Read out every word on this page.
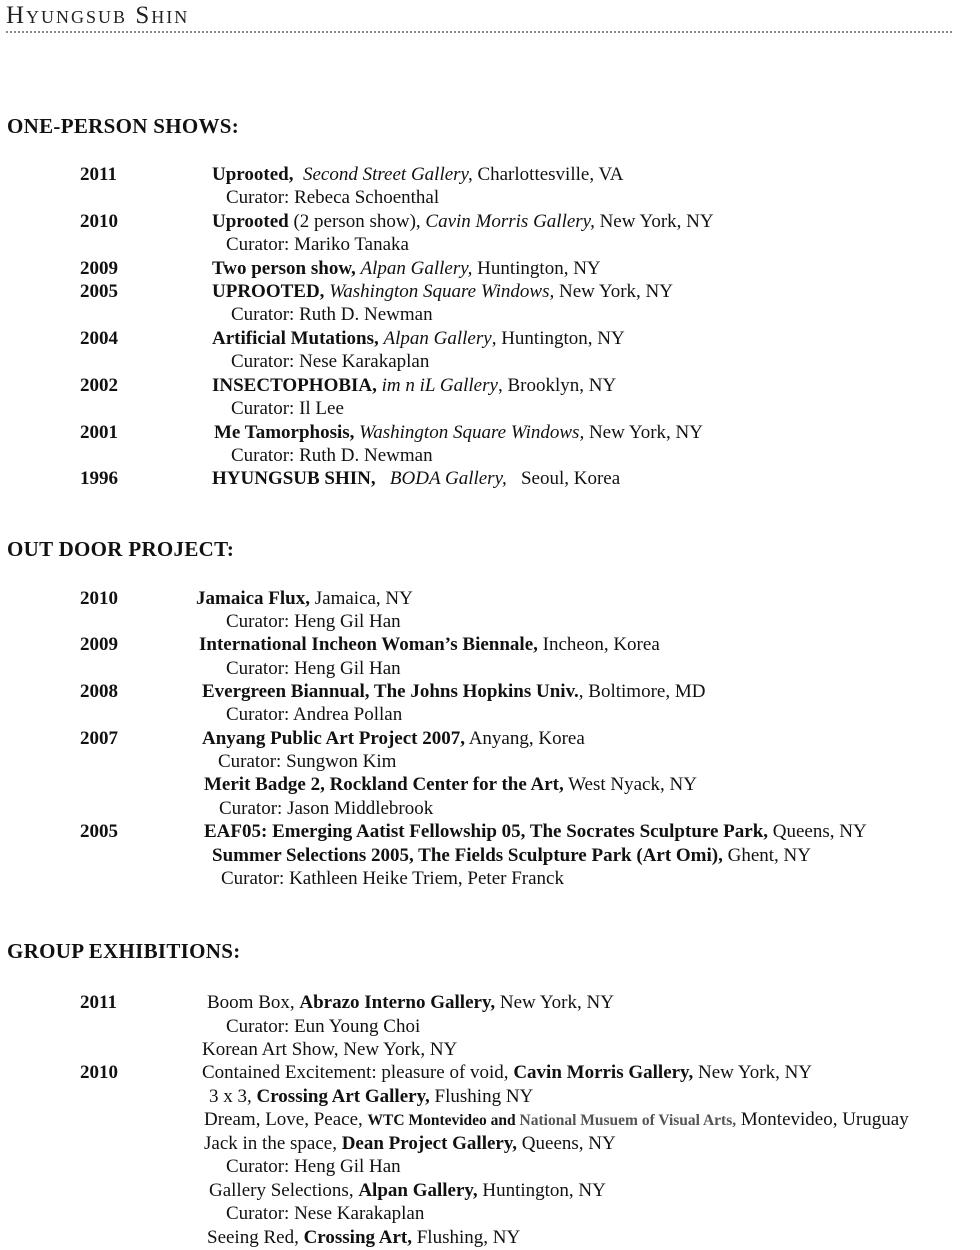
Hyungsub Shin
ONE-PERSON SHOWS:
2011	Uprooted, Second Street Gallery, Charlottesville, VA
Curator: Rebeca Schoenthal
2010	Uprooted (2 person show), Cavin Morris Gallery, New York, NY
Curator: Mariko Tanaka
2009	Two person show, Alpan Gallery, Huntington, NY
2005	UPROOTED, Washington Square Windows, New York, NY
Curator: Ruth D. Newman
2004	Artificial Mutations, Alpan Gallery, Huntington, NY
Curator: Nese Karakaplan
2002	INSECTOPHOBIA, im n iL Gallery, Brooklyn, NY
Curator: Il Lee
2001	Me Tamorphosis, Washington Square Windows, New York, NY
Curator: Ruth D. Newman
1996	HYUNGSUB SHIN, BODA Gallery, Seoul, Korea
OUT DOOR PROJECT:
2010	Jamaica Flux, Jamaica, NY
Curator: Heng Gil Han
2009	International Incheon Woman’s Biennale, Incheon, Korea
Curator: Heng Gil Han
2008	Evergreen Biannual, The Johns Hopkins Univ., Boltimore, MD
Curator: Andrea Pollan
2007	Anyang Public Art Project 2007, Anyang, Korea
Curator: Sungwon Kim
Merit Badge 2, Rockland Center for the Art, West Nyack, NY
Curator: Jason Middlebrook
2005	EAF05: Emerging Aatist Fellowship 05, The Socrates Sculpture Park, Queens, NY
Summer Selections 2005, The Fields Sculpture Park (Art Omi), Ghent, NY
Curator: Kathleen Heike Triem, Peter Franck
GROUP EXHIBITIONS:
2011	Boom Box, Abrazo Interno Gallery, New York, NY
Curator: Eun Young Choi
Korean Art Show, New York, NY
2010	Contained Excitement: pleasure of void, Cavin Morris Gallery, New York, NY
3 x 3, Crossing Art Gallery, Flushing NY
Dream, Love, Peace, WTC Montevideo and National Musuem of Visual Arts, Montevideo, Uruguay
Jack in the space, Dean Project Gallery, Queens, NY
Curator: Heng Gil Han
Gallery Selections, Alpan Gallery, Huntington, NY
Curator: Nese Karakaplan
Seeing Red, Crossing Art, Flushing, NY
